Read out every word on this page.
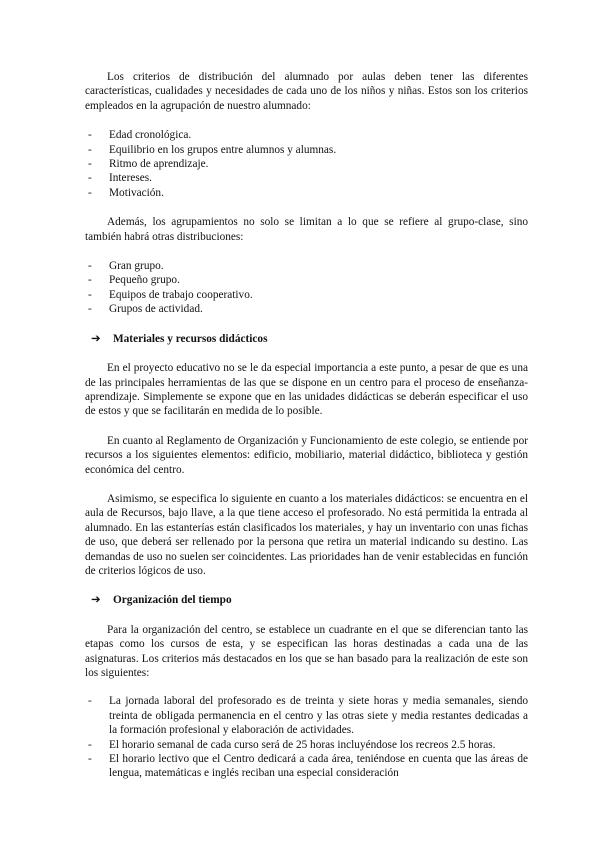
Los criterios de distribución del alumnado por aulas deben tener las diferentes características, cualidades y necesidades de cada uno de los niños y niñas. Estos son los criterios empleados en la agrupación de nuestro alumnado:

- Edad cronológica.
- Equilibrio en los grupos entre alumnos y alumnas.
- Ritmo de aprendizaje.
- Intereses.
- Motivación.

Además, los agrupamientos no solo se limitan a lo que se refiere al grupo-clase, sino también habrá otras distribuciones:

- Gran grupo.
- Pequeño grupo.
- Equipos de trabajo cooperativo.
- Grupos de actividad.
➔	Materiales y recursos didácticos

En el proyecto educativo no se le da especial importancia a este punto, a pesar de que es una de las principales herramientas de las que se dispone en un centro para el proceso de enseñanza-aprendizaje. Simplemente se expone que en las unidades didácticas se deberán especificar el uso de estos y que se facilitarán en medida de lo posible.

En cuanto al Reglamento de Organización y Funcionamiento de este colegio, se entiende por recursos a los siguientes elementos: edificio, mobiliario, material didáctico, biblioteca y gestión económica del centro.

Asimismo, se especifica lo siguiente en cuanto a los materiales didácticos: se encuentra en el aula de Recursos, bajo llave, a la que tiene acceso el profesorado. No está permitida la entrada al alumnado. En las estanterías están clasificados los materiales, y hay un inventario con unas fichas de uso, que deberá ser rellenado por la persona que retira un material indicando su destino. Las demandas de uso no suelen ser coincidentes. Las prioridades han de venir establecidas en función de criterios lógicos de uso.

➔	Organización del tiempo

Para la organización del centro, se establece un cuadrante en el que se diferencian tanto las etapas como los cursos de esta, y se especifican las horas destinadas a cada una de las asignaturas. Los criterios más destacados en los que se han basado para la realización de este son los siguientes:

- La jornada laboral del profesorado es de treinta y siete horas y media semanales, siendo treinta de obligada permanencia en el centro y las otras siete y media restantes dedicadas a la formación profesional y elaboración de actividades.
- El horario semanal de cada curso será de 25 horas incluyéndose los recreos 2.5 horas.
- El horario lectivo que el Centro dedicará a cada área, teniéndose en cuenta que las áreas de lengua, matemáticas e inglés reciban una especial consideración
